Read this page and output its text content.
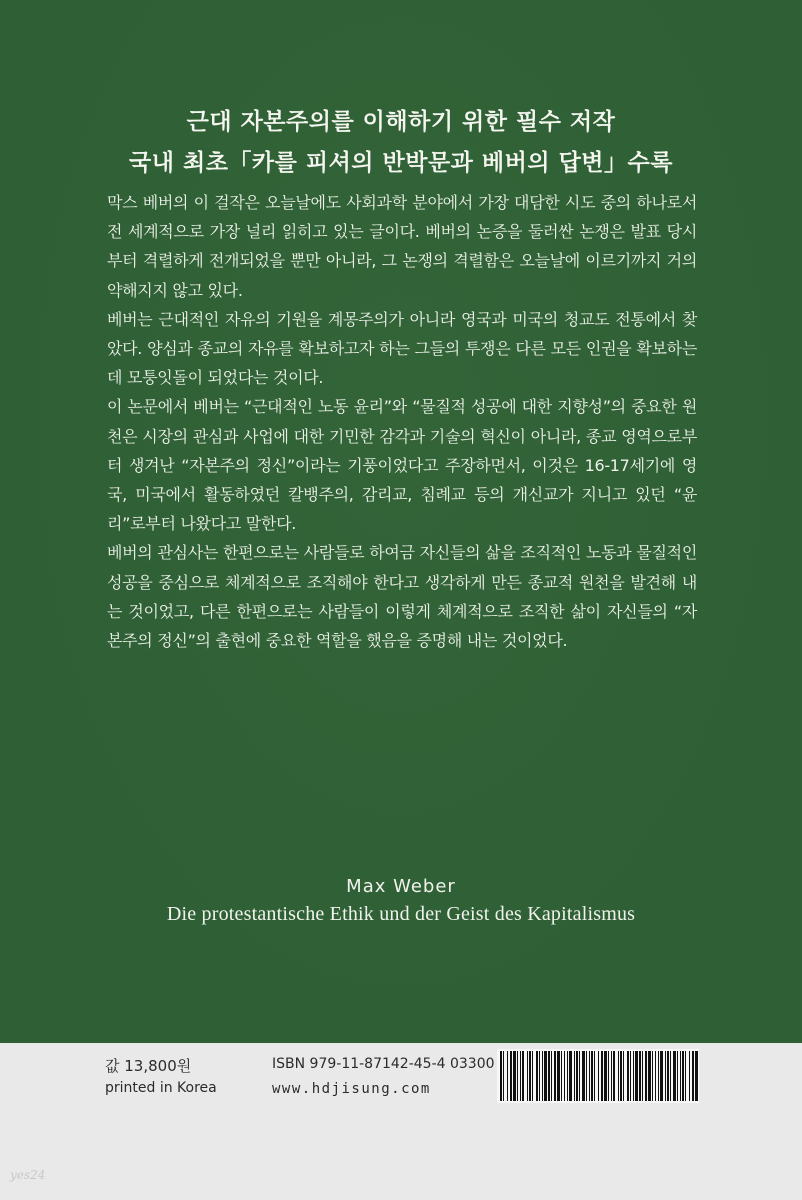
근대 자본주의를 이해하기 위한 필수 저작
국내 최초「카를 피셔의 반박문과 베버의 답변」수록

막스 베버의 이 걸작은 오늘날에도 사회과학 분야에서 가장 대담한 시도 중의 하나로서 전 세계적으로 가장 널리 읽히고 있는 글이다. 베버의 논증을 둘러싼 논쟁은 발표 당시부터 격렬하게 전개되었을 뿐만 아니라, 그 논쟁의 격렬함은 오늘날에 이르기까지 거의 약해지지 않고 있다.

베버는 근대적인 자유의 기원을 계몽주의가 아니라 영국과 미국의 청교도 전통에서 찾았다. 양심과 종교의 자유를 확보하고자 하는 그들의 투쟁은 다른 모든 인권을 확보하는 데 모퉁잇돌이 되었다는 것이다.

이 논문에서 베버는 “근대적인 노동 윤리”와 “물질적 성공에 대한 지향성”의 중요한 원천은 시장의 관심과 사업에 대한 기민한 감각과 기술의 혁신이 아니라, 종교 영역으로부터 생겨난 “자본주의 정신”이라는 기풍이었다고 주장하면서, 이것은 16-17세기에 영국, 미국에서 활동하였던 칼뱅주의, 감리교, 침례교 등의 개신교가 지니고 있던 “윤리”로부터 나왔다고 말한다.

베버의 관심사는 한편으로는 사람들로 하여금 자신들의 삶을 조직적인 노동과 물질적인 성공을 중심으로 체계적으로 조직해야 한다고 생각하게 만든 종교적 원천을 발견해 내는 것이었고, 다른 한편으로는 사람들이 이렇게 체계적으로 조직한 삶이 자신들의 “자본주의 정신”의 출현에 중요한 역할을 했음을 증명해 내는 것이었다.

Max Weber
Die protestantische Ethik und der Geist des Kapitalismus
값 13,800원
printed in Korea
ISBN 979-11-87142-45-4 03300
www.hdjisung.com
yes24
